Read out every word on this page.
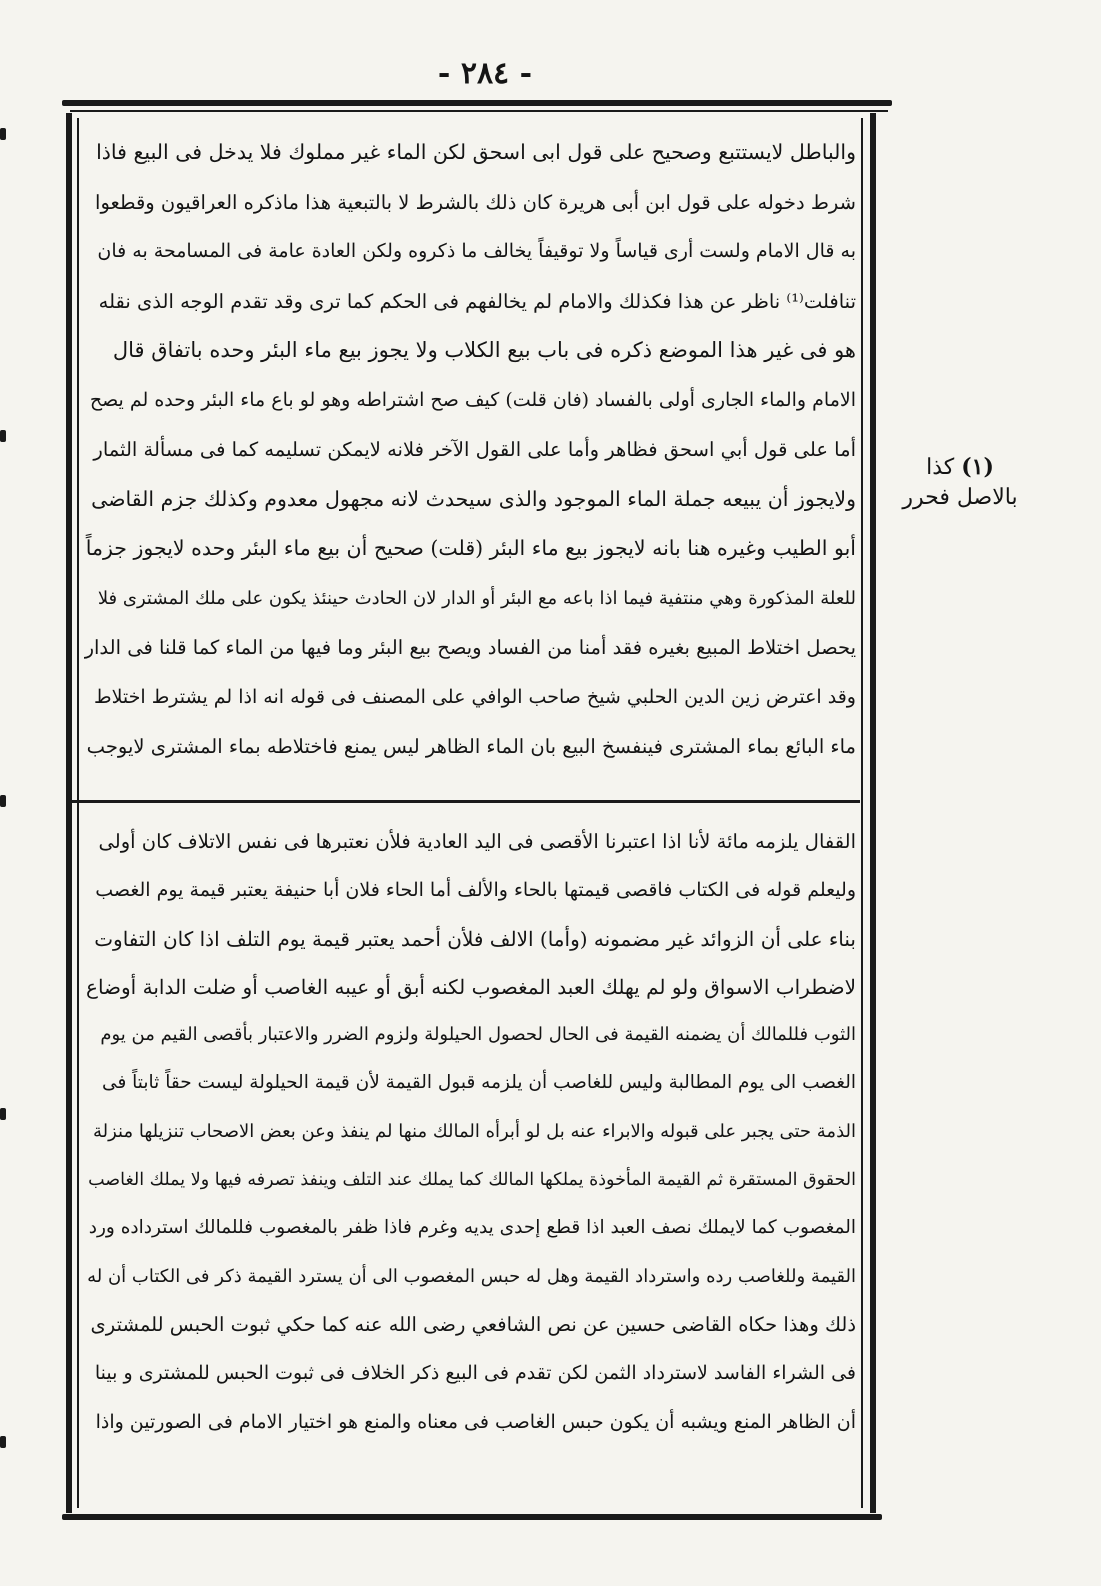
- ٢٨٤ -
والباطل لايستتبع وصحيح على قول ابى اسحق لكن الماء غير مملوك فلا يدخل فى البيع فاذا
شرط دخوله على قول ابن أبى هريرة كان ذلك بالشرط لا بالتبعية هذا ماذكره العراقيون وقطعوا
به قال الامام ولست أرى قياساً ولا توقيفاً يخالف ما ذكروه ولكن العادة عامة فى المسامحة به فان
تنافلت⁽¹⁾ ناظر عن هذا فكذلك والامام لم يخالفهم فى الحكم كما ترى وقد تقدم الوجه الذى نقله
هو فى غير هذا الموضع ذكره فى باب بيع الكلاب ولا يجوز بيع ماء البئر وحده باتفاق قال
الامام والماء الجارى أولى بالفساد (فان قلت) كيف صح اشتراطه وهو لو باع ماء البئر وحده لم يصح
أما على قول أبي اسحق فظاهر وأما على القول الآخر فلانه لايمكن تسليمه كما فى مسألة الثمار
ولايجوز أن يبيعه جملة الماء الموجود والذى سيحدث لانه مجهول معدوم وكذلك جزم القاضى
أبو الطيب وغيره هنا بانه لايجوز بيع ماء البئر (قلت) صحيح أن بيع ماء البئر وحده لايجوز جزماً
للعلة المذكورة وهي منتفية فيما اذا باعه مع البئر أو الدار لان الحادث حينئذ يكون على ملك المشترى فلا
يحصل اختلاط المبيع بغيره فقد أمنا من الفساد ويصح بيع البئر وما فيها من الماء كما قلنا فى الدار
وقد اعترض زين الدين الحلبي شيخ صاحب الوافي على المصنف فى قوله انه اذا لم يشترط اختلاط
ماء البائع بماء المشترى فينفسخ البيع بان الماء الظاهر ليس يمنع فاختلاطه بماء المشترى لايوجب
القفال يلزمه مائة لأنا اذا اعتبرنا الأقصى فى اليد العادية فلأن نعتبرها فى نفس الاتلاف كان أولى
وليعلم قوله فى الكتاب فاقصى قيمتها بالحاء والألف أما الحاء فلان أبا حنيفة يعتبر قيمة يوم الغصب
بناء على أن الزوائد غير مضمونه (وأما) الالف فلأن أحمد يعتبر قيمة يوم التلف اذا كان التفاوت
لاضطراب الاسواق ولو لم يهلك العبد المغصوب لكنه أبق أو عيبه الغاصب أو ضلت الدابة أوضاع
الثوب فللمالك أن يضمنه القيمة فى الحال لحصول الحيلولة ولزوم الضرر والاعتبار بأقصى القيم من يوم
الغصب الى يوم المطالبة وليس للغاصب أن يلزمه قبول القيمة لأن قيمة الحيلولة ليست حقاً ثابتاً فى
الذمة حتى يجبر على قبوله والابراء عنه بل لو أبرأه المالك منها لم ينفذ وعن بعض الاصحاب تنزيلها منزلة
الحقوق المستقرة ثم القيمة المأخوذة يملكها المالك كما يملك عند التلف وينفذ تصرفه فيها ولا يملك الغاصب
المغصوب كما لايملك نصف العبد اذا قطع إحدى يديه وغرم فاذا ظفر بالمغصوب فللمالك استرداده ورد
القيمة وللغاصب رده واسترداد القيمة وهل له حبس المغصوب الى أن يسترد القيمة ذكر فى الكتاب أن له
ذلك وهذا حكاه القاضى حسين عن نص الشافعي رضى الله عنه كما حكي ثبوت الحبس للمشترى
فى الشراء الفاسد لاسترداد الثمن لكن تقدم فى البيع ذكر الخلاف فى ثبوت الحبس للمشترى و بينا
أن الظاهر المنع ويشبه أن يكون حبس الغاصب فى معناه والمنع هو اختيار الامام فى الصورتين واذا
(١) كذا
بالاصل فحرر
